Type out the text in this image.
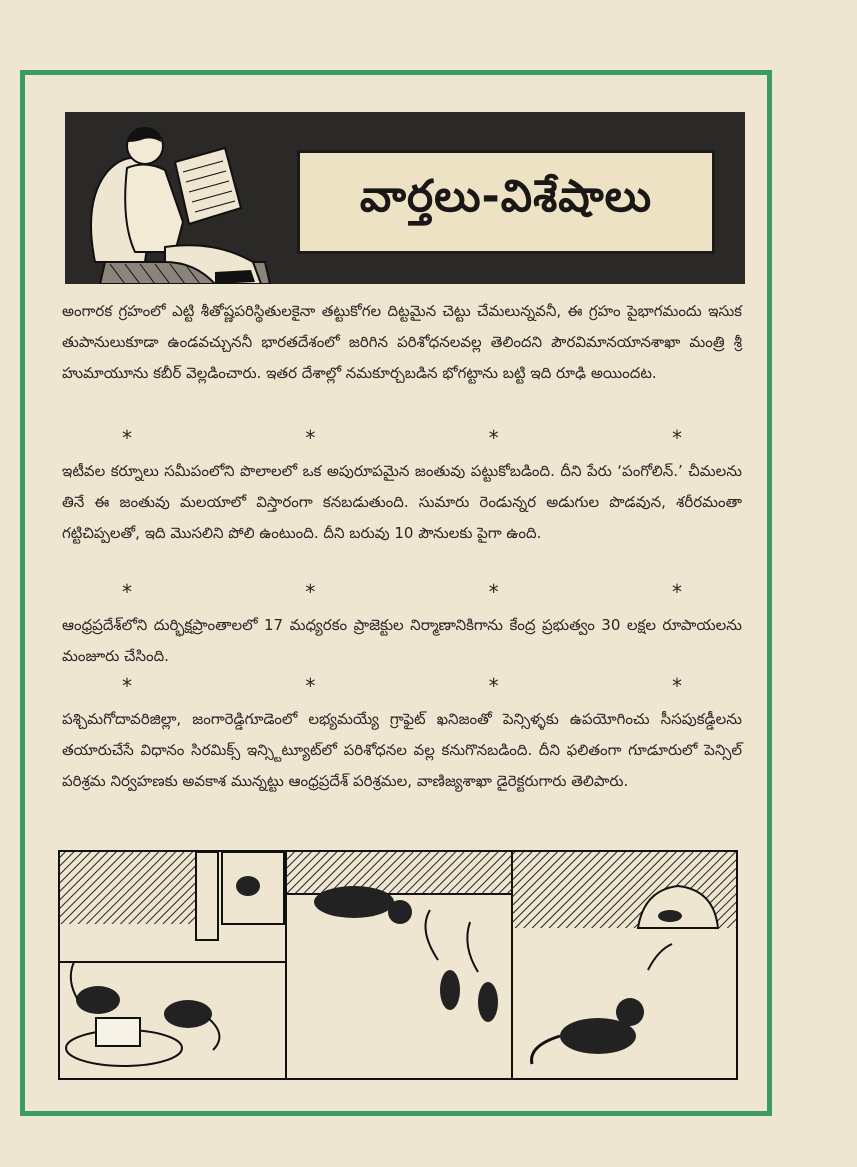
వార్తలు-విశేషాలు

అంగారక గ్రహంలో ఎట్టి శీతోష్ణపరిస్థితులకైనా తట్టుకోగల దిట్టమైన చెట్టు చేమలున్నవనీ, ఈ గ్రహం పైభాగమందు ఇసుక తుపానులుకూడా ఉండవచ్చుననీ భారతదేశంలో జరిగిన పరిశోధనలవల్ల తెలిందని పౌరవిమానయానశాఖా మంత్రి శ్రీ హుమాయూను కబీర్ వెల్లడించారు. ఇతర దేశాల్లో నమకూర్చబడిన భోగట్టాను బట్టి ఇది రూఢి అయిందట.

*	*	*	*

ఇటీవల కర్నూలు సమీపంలోని పొలాలలో ఒక అపురూపమైన జంతువు పట్టుకోబడింది. దీని పేరు ‘పంగోలిన్.’ చీమలను తినే ఈ జంతువు మలయాలో విస్తారంగా కనబడుతుంది. సుమారు రెండున్నర అడుగుల పొడవున, శరీరమంతా గట్టిచిప్పలతో, ఇది మొసలిని పోలి ఉంటుంది. దీని బరువు 10 పౌనులకు పైగా ఉంది.

*	*	*	*

ఆంధ్రప్రదేశ్‌లోని దుర్భిక్షప్రాంతాలలో 17 మధ్యరకం ప్రాజెక్టుల నిర్మాణానికిగాను కేంద్ర ప్రభుత్వం 30 లక్షల రూపాయలను మంజూరు చేసింది.

*	*	*	*

పశ్చిమగోదావరిజిల్లా, జంగారెడ్డిగూడెంలో లభ్యమయ్యే గ్రాఫైట్ ఖనిజంతో పెన్సిళ్ళకు ఉపయోగించు సీసపుకడ్డీలను తయారుచేసే విధానం సిరమిక్స్ ఇన్స్టిట్యూట్‌లో పరిశోధనల వల్ల కనుగొనబడింది. దీని ఫలితంగా గూడూరులో పెన్సిల్ పరిశ్రమ నిర్వహణకు అవకాశ మున్నట్టు ఆంధ్రప్రదేశ్ పరిశ్రమల, వాణిజ్యశాఖా డైరెక్టరుగారు తెలిపారు.
